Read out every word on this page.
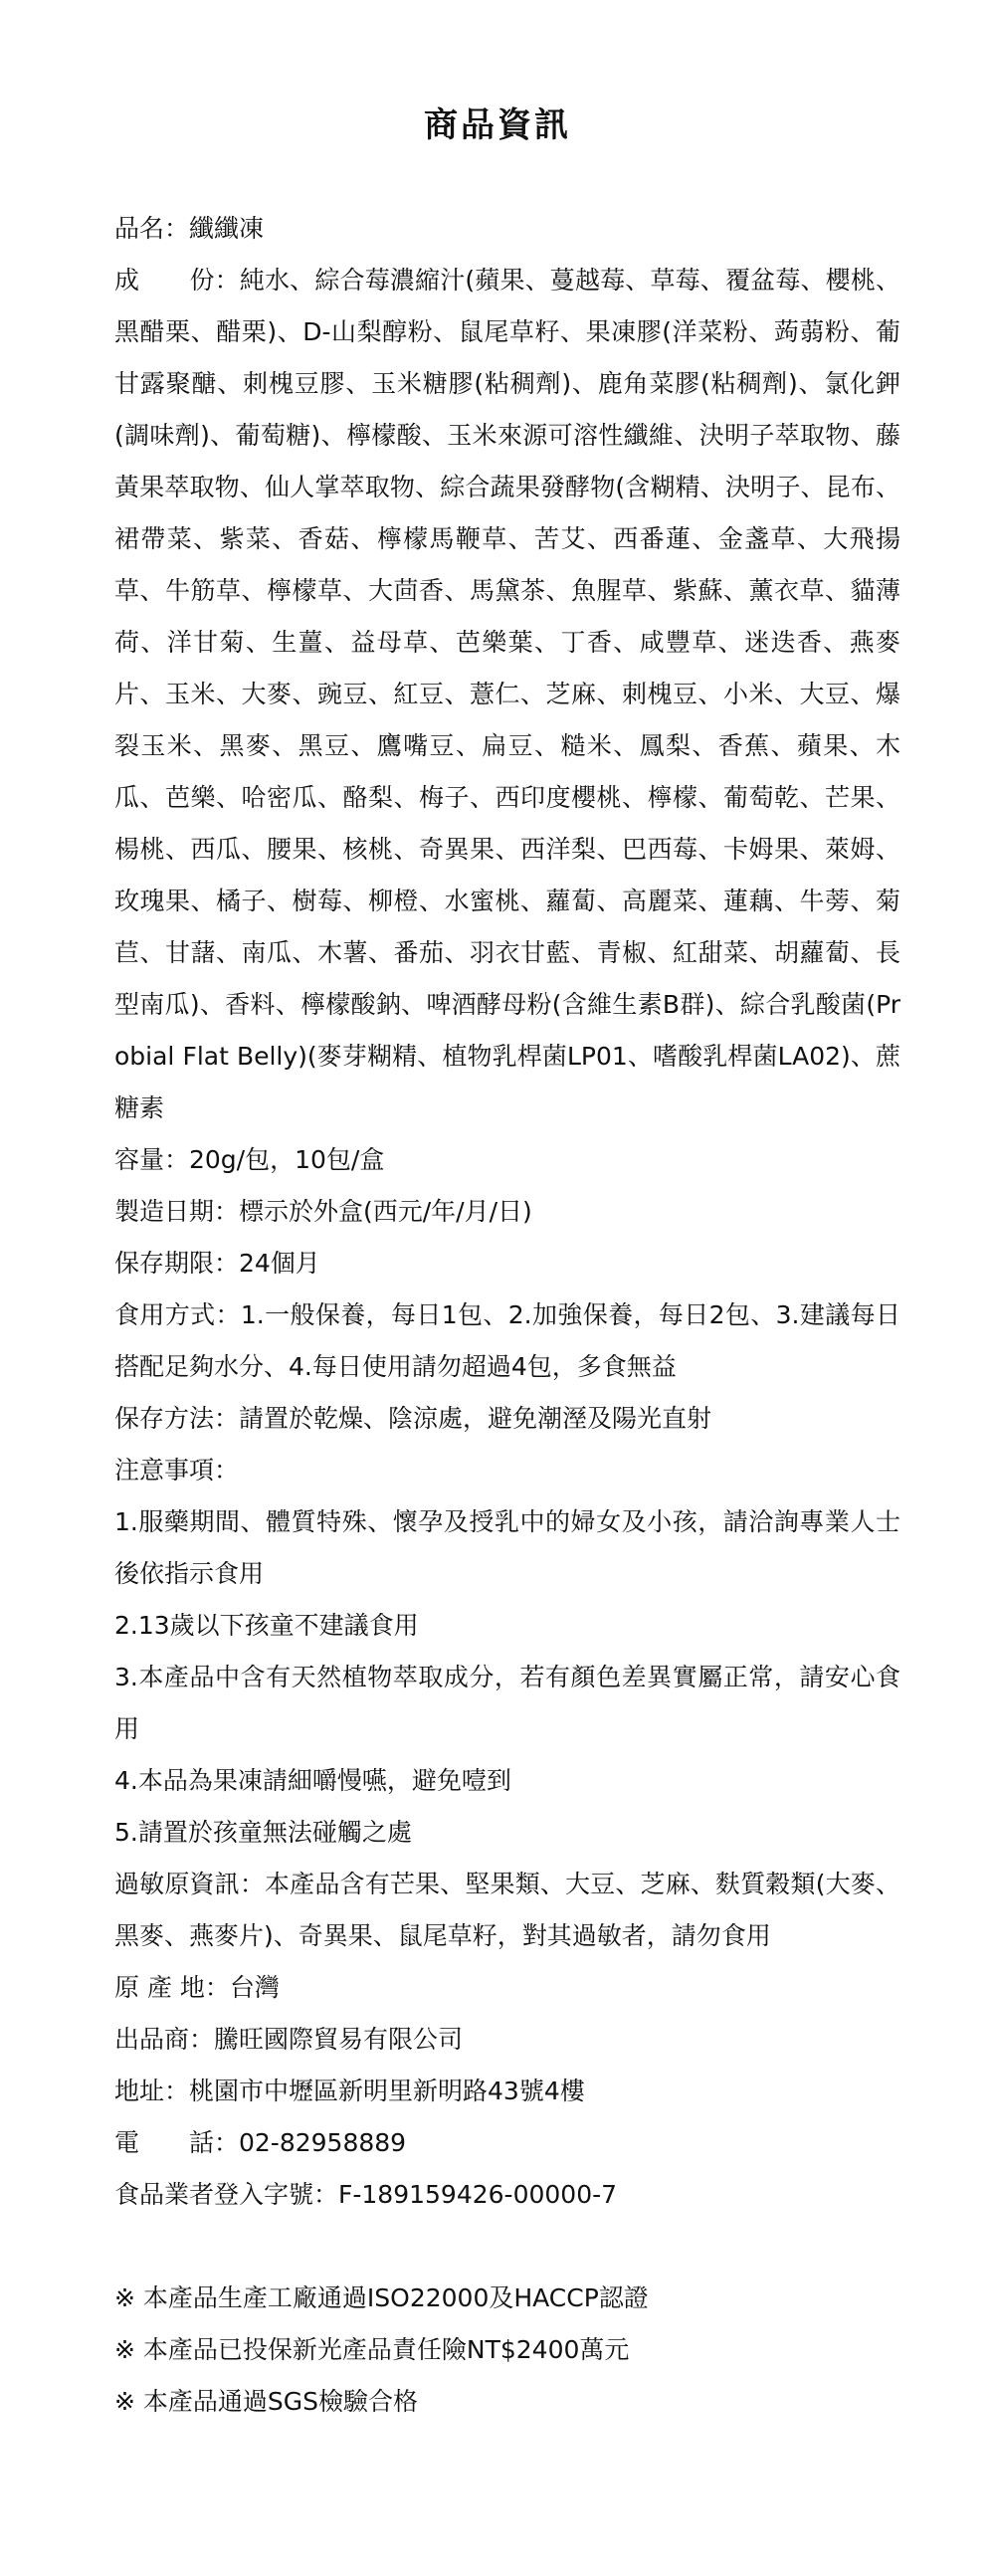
商品資訊

品名：纖纖凍

成　　份：純水、綜合莓濃縮汁(蘋果、蔓越莓、草莓、覆盆莓、櫻桃、黑醋栗、醋栗)、D-山梨醇粉、鼠尾草籽、果凍膠(洋菜粉、蒟蒻粉、葡甘露聚醣、刺槐豆膠、玉米糖膠(粘稠劑)、鹿角菜膠(粘稠劑)、氯化鉀(調味劑)、葡萄糖)、檸檬酸、玉米來源可溶性纖維、決明子萃取物、藤黃果萃取物、仙人掌萃取物、綜合蔬果發酵物(含糊精、決明子、昆布、裙帶菜、紫菜、香菇、檸檬馬鞭草、苦艾、西番蓮、金盞草、大飛揚草、牛筋草、檸檬草、大茴香、馬黛茶、魚腥草、紫蘇、薰衣草、貓薄荷、洋甘菊、生薑、益母草、芭樂葉、丁香、咸豐草、迷迭香、燕麥片、玉米、大麥、豌豆、紅豆、薏仁、芝麻、刺槐豆、小米、大豆、爆裂玉米、黑麥、黑豆、鷹嘴豆、扁豆、糙米、鳳梨、香蕉、蘋果、木瓜、芭樂、哈密瓜、酪梨、梅子、西印度櫻桃、檸檬、葡萄乾、芒果、楊桃、西瓜、腰果、核桃、奇異果、西洋梨、巴西莓、卡姆果、萊姆、玫瑰果、橘子、樹莓、柳橙、水蜜桃、蘿蔔、高麗菜、蓮藕、牛蒡、菊苣、甘藷、南瓜、木薯、番茄、羽衣甘藍、青椒、紅甜菜、胡蘿蔔、長型南瓜)、香料、檸檬酸鈉、啤酒酵母粉(含維生素B群)、綜合乳酸菌(Probial Flat Belly)(麥芽糊精、植物乳桿菌LP01、嗜酸乳桿菌LA02)、蔗糖素

容量：20g/包，10包/盒

製造日期：標示於外盒(西元/年/月/日)

保存期限：24個月

食用方式：1.一般保養，每日1包、2.加強保養，每日2包、3.建議每日搭配足夠水分、4.每日使用請勿超過4包，多食無益

保存方法：請置於乾燥、陰涼處，避免潮溼及陽光直射

注意事項：

1.服藥期間、體質特殊、懷孕及授乳中的婦女及小孩，請洽詢專業人士後依指示食用

2.13歲以下孩童不建議食用

3.本產品中含有天然植物萃取成分，若有顏色差異實屬正常，請安心食用

4.本品為果凍請細嚼慢嚥，避免噎到

5.請置於孩童無法碰觸之處

過敏原資訊：本產品含有芒果、堅果類、大豆、芝麻、麩質穀類(大麥、黑麥、燕麥片)、奇異果、鼠尾草籽，對其過敏者，請勿食用

原 產 地：台灣

出品商：騰旺國際貿易有限公司

地址：桃園市中壢區新明里新明路43號4樓

電　　話：02-82958889

食品業者登入字號：F-189159426-00000-7

※ 本產品生產工廠通過ISO22000及HACCP認證

※ 本產品已投保新光產品責任險NT$2400萬元

※ 本產品通過SGS檢驗合格
